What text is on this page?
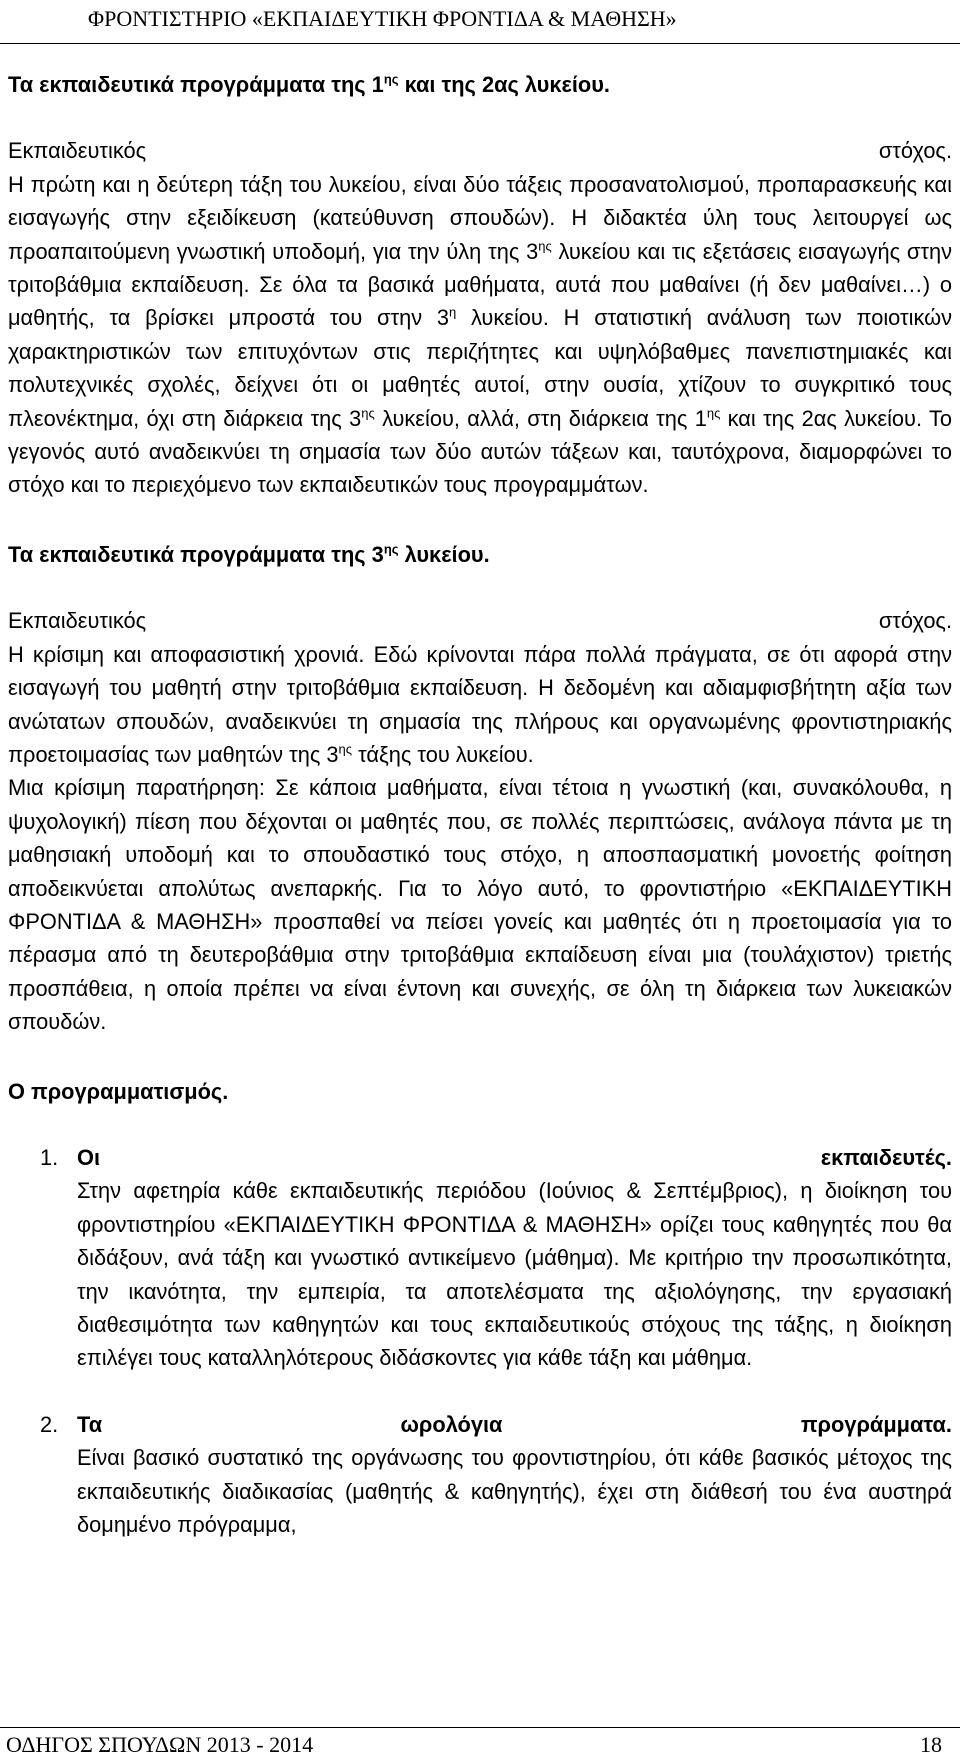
ΦΡΟΝΤΙΣΤΗΡΙΟ «ΕΚΠΑΙΔΕΥΤΙΚΗ ΦΡΟΝΤΙΔΑ & ΜΑΘΗΣΗ»
Τα εκπαιδευτικά προγράμματα της $1^{\eta\varsigma}$ και της 2ας λυκείου.
Εκπαιδευτικός	στόχος.

Η πρώτη και η δεύτερη τάξη του λυκείου, είναι δύο τάξεις προσανατολισμού, προπαρασκευής και εισαγωγής στην εξειδίκευση (κατεύθυνση σπουδών). Η διδακτέα ύλη τους λειτουργεί ως προαπαιτούμενη γνωστική υποδομή, για την ύλη της $3^{\eta\varsigma}$ λυκείου και τις εξετάσεις εισαγωγής στην τριτοβάθμια εκπαίδευση. Σε όλα τα βασικά μαθήματα, αυτά που μαθαίνει (ή δεν μαθαίνει…) ο μαθητής, τα βρίσκει μπροστά του στην $3^\eta$ λυκείου. Η στατιστική ανάλυση των ποιοτικών χαρακτηριστικών των επιτυχόντων στις περιζήτητες και υψηλόβαθμες πανεπιστημιακές και πολυτεχνικές σχολές, δείχνει ότι οι μαθητές αυτοί, στην ουσία, χτίζουν το συγκριτικό τους πλεονέκτημα, όχι στη διάρκεια της $3^{\eta\varsigma}$ λυκείου, αλλά, στη διάρκεια της $1^{\eta\varsigma}$ και της 2ας λυκείου. Το γεγονός αυτό αναδεικνύει τη σημασία των δύο αυτών τάξεων και, ταυτόχρονα, διαμορφώνει το στόχο και το περιεχόμενο των εκπαιδευτικών τους προγραμμάτων.

Τα εκπαιδευτικά προγράμματα της $3^{\eta\varsigma}$ λυκείου.
Εκπαιδευτικός	στόχος.

Η κρίσιμη και αποφασιστική χρονιά. Εδώ κρίνονται πάρα πολλά πράγματα, σε ότι αφορά στην εισαγωγή του μαθητή στην τριτοβάθμια εκπαίδευση. Η δεδομένη και αδιαμφισβήτητη αξία των ανώτατων σπουδών, αναδεικνύει τη σημασία της πλήρους και οργανωμένης φροντιστηριακής προετοιμασίας των μαθητών της $3^{\eta\varsigma}$ τάξης του λυκείου.

Μια κρίσιμη παρατήρηση: Σε κάποια μαθήματα, είναι τέτοια η γνωστική (και, συνακόλουθα, η ψυχολογική) πίεση που δέχονται οι μαθητές που, σε πολλές περιπτώσεις, ανάλογα πάντα με τη μαθησιακή υποδομή και το σπουδαστικό τους στόχο, η αποσπασματική μονοετής φοίτηση αποδεικνύεται απολύτως ανεπαρκής. Για το λόγο αυτό, το φροντιστήριο «ΕΚΠΑΙΔΕΥΤΙΚΗ ΦΡΟΝΤΙΔΑ & ΜΑΘΗΣΗ» προσπαθεί να πείσει γονείς και μαθητές ότι η προετοιμασία για το πέρασμα από τη δευτεροβάθμια στην τριτοβάθμια εκπαίδευση είναι μια (τουλάχιστον) τριετής προσπάθεια, η οποία πρέπει να είναι έντονη και συνεχής, σε όλη τη διάρκεια των λυκειακών σπουδών.

Ο προγραμματισμός.
1. Οι	εκπαιδευτές.

Στην αφετηρία κάθε εκπαιδευτικής περιόδου (Ιούνιος & Σεπτέμβριος), η διοίκηση του φροντιστηρίου «ΕΚΠΑΙΔΕΥΤΙΚΗ ΦΡΟΝΤΙΔΑ & ΜΑΘΗΣΗ» ορίζει τους καθηγητές που θα διδάξουν, ανά τάξη και γνωστικό αντικείμενο (μάθημα). Με κριτήριο την προσωπικότητα, την ικανότητα, την εμπειρία, τα αποτελέσματα της αξιολόγησης, την εργασιακή διαθεσιμότητα των καθηγητών και τους εκπαιδευτικούς στόχους της τάξης, η διοίκηση επιλέγει τους καταλληλότερους διδάσκοντες για κάθε τάξη και μάθημα.

2. Τα	ωρολόγια	προγράμματα.

Είναι βασικό συστατικό της οργάνωσης του φροντιστηρίου, ότι κάθε βασικός μέτοχος της εκπαιδευτικής διαδικασίας (μαθητής & καθηγητής), έχει στη διάθεσή του ένα αυστηρά δομημένο πρόγραμμα,

ΟΔΗΓΟΣ ΣΠΟΥΔΩΝ 2013 - 2014	18
